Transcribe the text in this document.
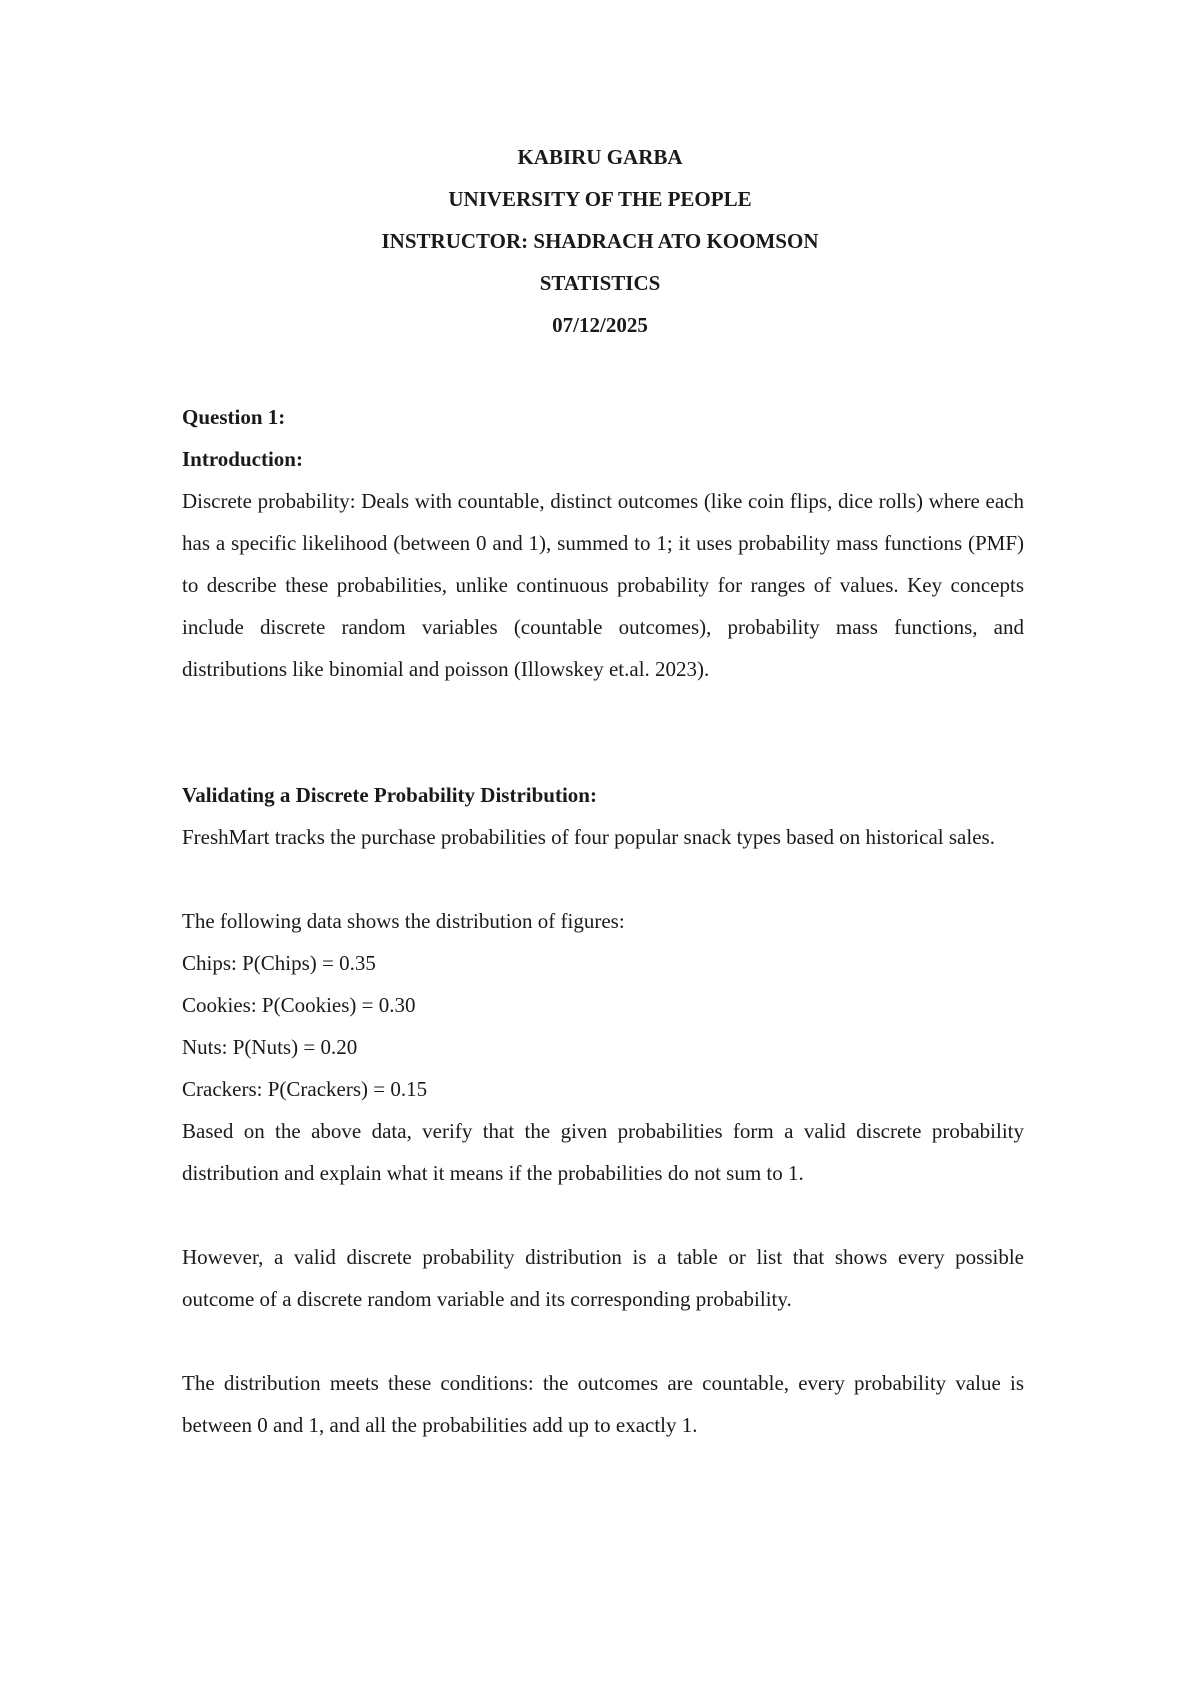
KABIRU GARBA
UNIVERSITY OF THE PEOPLE
INSTRUCTOR: SHADRACH ATO KOOMSON
STATISTICS
07/12/2025

Question 1:

Introduction:

Discrete probability: Deals with countable, distinct outcomes (like coin flips, dice rolls) where each has a specific likelihood (between 0 and 1), summed to 1; it uses probability mass functions (PMF) to describe these probabilities, unlike continuous probability for ranges of values. Key concepts include discrete random variables (countable outcomes), probability mass functions, and distributions like binomial and poisson (Illowskey et.al. 2023).

Validating a Discrete Probability Distribution:

FreshMart tracks the purchase probabilities of four popular snack types based on historical sales.

The following data shows the distribution of figures:

Chips: P(Chips) = 0.35

Cookies: P(Cookies) = 0.30

Nuts: P(Nuts) = 0.20

Crackers: P(Crackers) = 0.15

Based on the above data, verify that the given probabilities form a valid discrete probability distribution and explain what it means if the probabilities do not sum to 1.

However, a valid discrete probability distribution is a table or list that shows every possible outcome of a discrete random variable and its corresponding probability.

The distribution meets these conditions: the outcomes are countable, every probability value is between 0 and 1, and all the probabilities add up to exactly 1.
